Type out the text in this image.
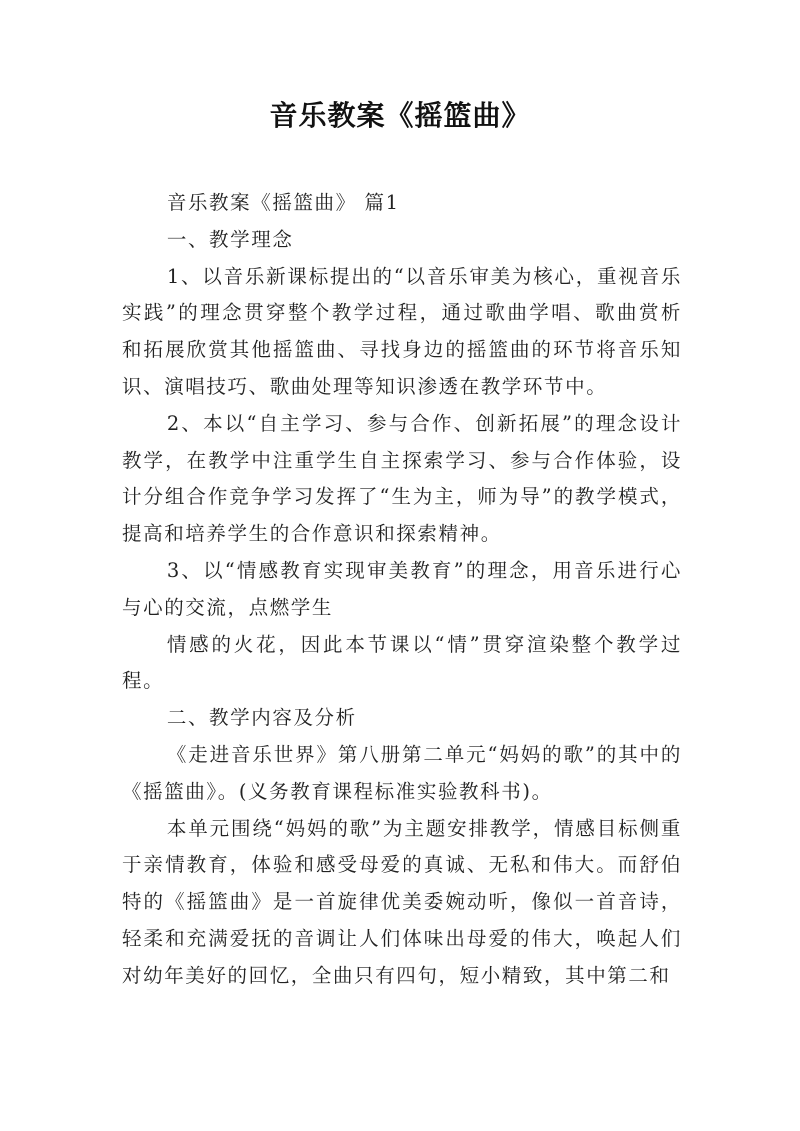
音乐教案《摇篮曲》

音乐教案《摇篮曲》 篇1

一、教学理念

1、以音乐新课标提出的“以音乐审美为核心，重视音乐实践”的理念贯穿整个教学过程，通过歌曲学唱、歌曲赏析和拓展欣赏其他摇篮曲、寻找身边的摇篮曲的环节将音乐知识、演唱技巧、歌曲处理等知识渗透在教学环节中。

2、本以“自主学习、参与合作、创新拓展”的理念设计教学，在教学中注重学生自主探索学习、参与合作体验，设计分组合作竞争学习发挥了“生为主，师为导”的教学模式，提高和培养学生的合作意识和探索精神。

3、以“情感教育实现审美教育”的理念，用音乐进行心与心的交流，点燃学生

情感的火花，因此本节课以“情”贯穿渲染整个教学过程。

二、教学内容及分析

《走进音乐世界》第八册第二单元“妈妈的歌”的其中的《摇篮曲》。(义务教育课程标准实验教科书)。

本单元围绕“妈妈的歌”为主题安排教学，情感目标侧重于亲情教育，体验和感受母爱的真诚、无私和伟大。而舒伯特的《摇篮曲》是一首旋律优美委婉动听，像似一首音诗，轻柔和充满爱抚的音调让人们体味出母爱的伟大，唤起人们对幼年美好的回忆，全曲只有四句，短小精致，其中第二和
